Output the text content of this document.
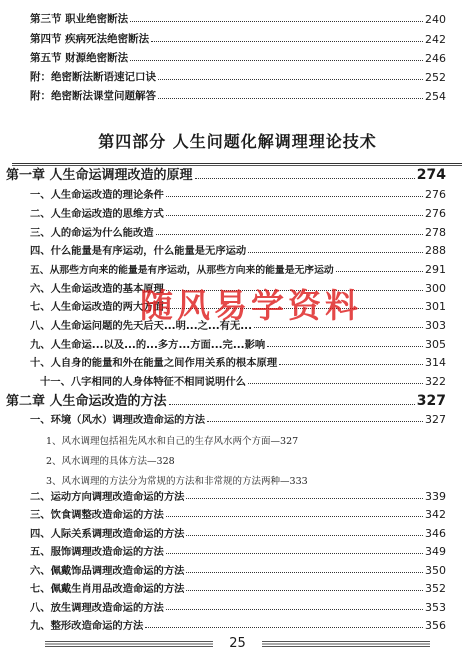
第三节 职业绝密断法	240
第四节 疾病死法绝密断法	242
第五节 财源绝密断法	246
附：绝密断法断语速记口诀	252
附：绝密断法课堂问题解答	254
第四部分 人生问题化解调理理论技术
第一章 人生命运调理改造的原理	274
一、人生命运改造的理论条件	276
二、人生命运改造的思维方式	276
三、人的命运为什么能改造	278
四、什么能量是有序运动，什么能量是无序运动	288
五、从那些方向来的能量是有序运动，从那些方向来的能量是无序运动	291
六、人生命运改造的基本原理	300
七、人生命运改造的两大方面	301
八、人生命运问题的先天后天...明...之...有无...	303
九、人生命运...以及...的...多方...方面...完...影响	305
十、人自身的能量和外在能量之间作用关系的根本原理	314
十一、八字相同的人身体特征不相同说明什么	322
第二章 人生命运改造的方法	327
一、环境（风水）调理改造命运的方法	327
1、风水调理包括祖先风水和自己的生存风水两个方面—327
2、风水调理的具体方法—328
3、风水调理的方法分为常规的方法和非常规的方法两种—333
二、运动方向调理改造命运的方法	339
三、饮食调整改造命运的方法	342
四、人际关系调理改造命运的方法	346
五、服饰调理改造命运的方法	349
六、佩戴饰品调理改造命运的方法	350
七、佩戴生肖用品改造命运的方法	352
八、放生调理改造命运的方法	353
九、整形改造命运的方法	356
随风易学资料
25
